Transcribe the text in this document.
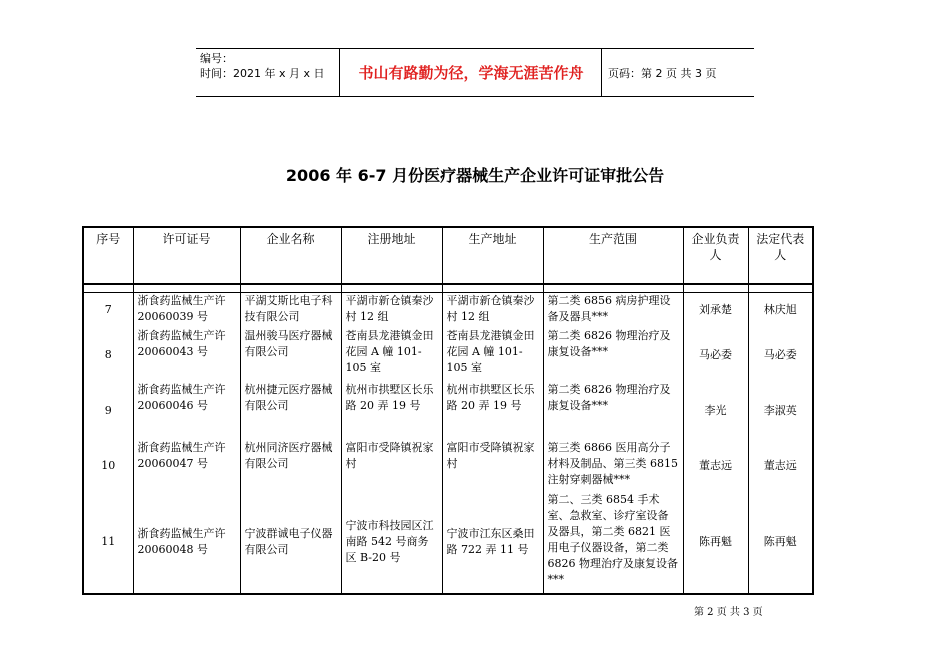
编号：
时间：2021 年 x 月 x 日	书山有路勤为径，学海无涯苦作舟	页码：第 2 页 共 3 页
2006 年 6-7 月份医疗器械生产企业许可证审批公告
序号	许可证号	企业名称	注册地址	生产地址	生产范围	企业负责人	法定代表人

7	浙食药监械生产许 20060039 号	平湖艾斯比电子科技有限公司	平湖市新仓镇秦沙村 12 组	平湖市新仓镇秦沙村 12 组	第二类 6856 病房护理设备及器具***	刘承楚	林庆旭
8	浙食药监械生产许 20060043 号	温州骏马医疗器械有限公司	苍南县龙港镇金田花园 A 幢 101-105 室	苍南县龙港镇金田花园 A 幢 101-105 室	第二类 6826 物理治疗及康复设备***	马必委	马必委
9	浙食药监械生产许 20060046 号	杭州捷元医疗器械有限公司	杭州市拱墅区长乐路 20 弄 19 号	杭州市拱墅区长乐路 20 弄 19 号	第二类 6826 物理治疗及康复设备***	李光	李淑英
10	浙食药监械生产许 20060047 号	杭州同济医疗器械有限公司	富阳市受降镇祝家村	富阳市受降镇祝家村	第三类 6866 医用高分子材料及制品、第三类 6815 注射穿刺器械***	董志远	董志远
11	浙食药监械生产许 20060048 号	宁波群诚电子仪器有限公司	宁波市科技园区江南路 542 号商务区 B-20 号	宁波市江东区桑田路 722 弄 11 号	第二、三类 6854 手术室、急救室、诊疗室设备及器具，第二类 6821 医用电子仪器设备，第二类 6826 物理治疗及康复设备***	陈再魁	陈再魁
第 2 页 共 3 页
